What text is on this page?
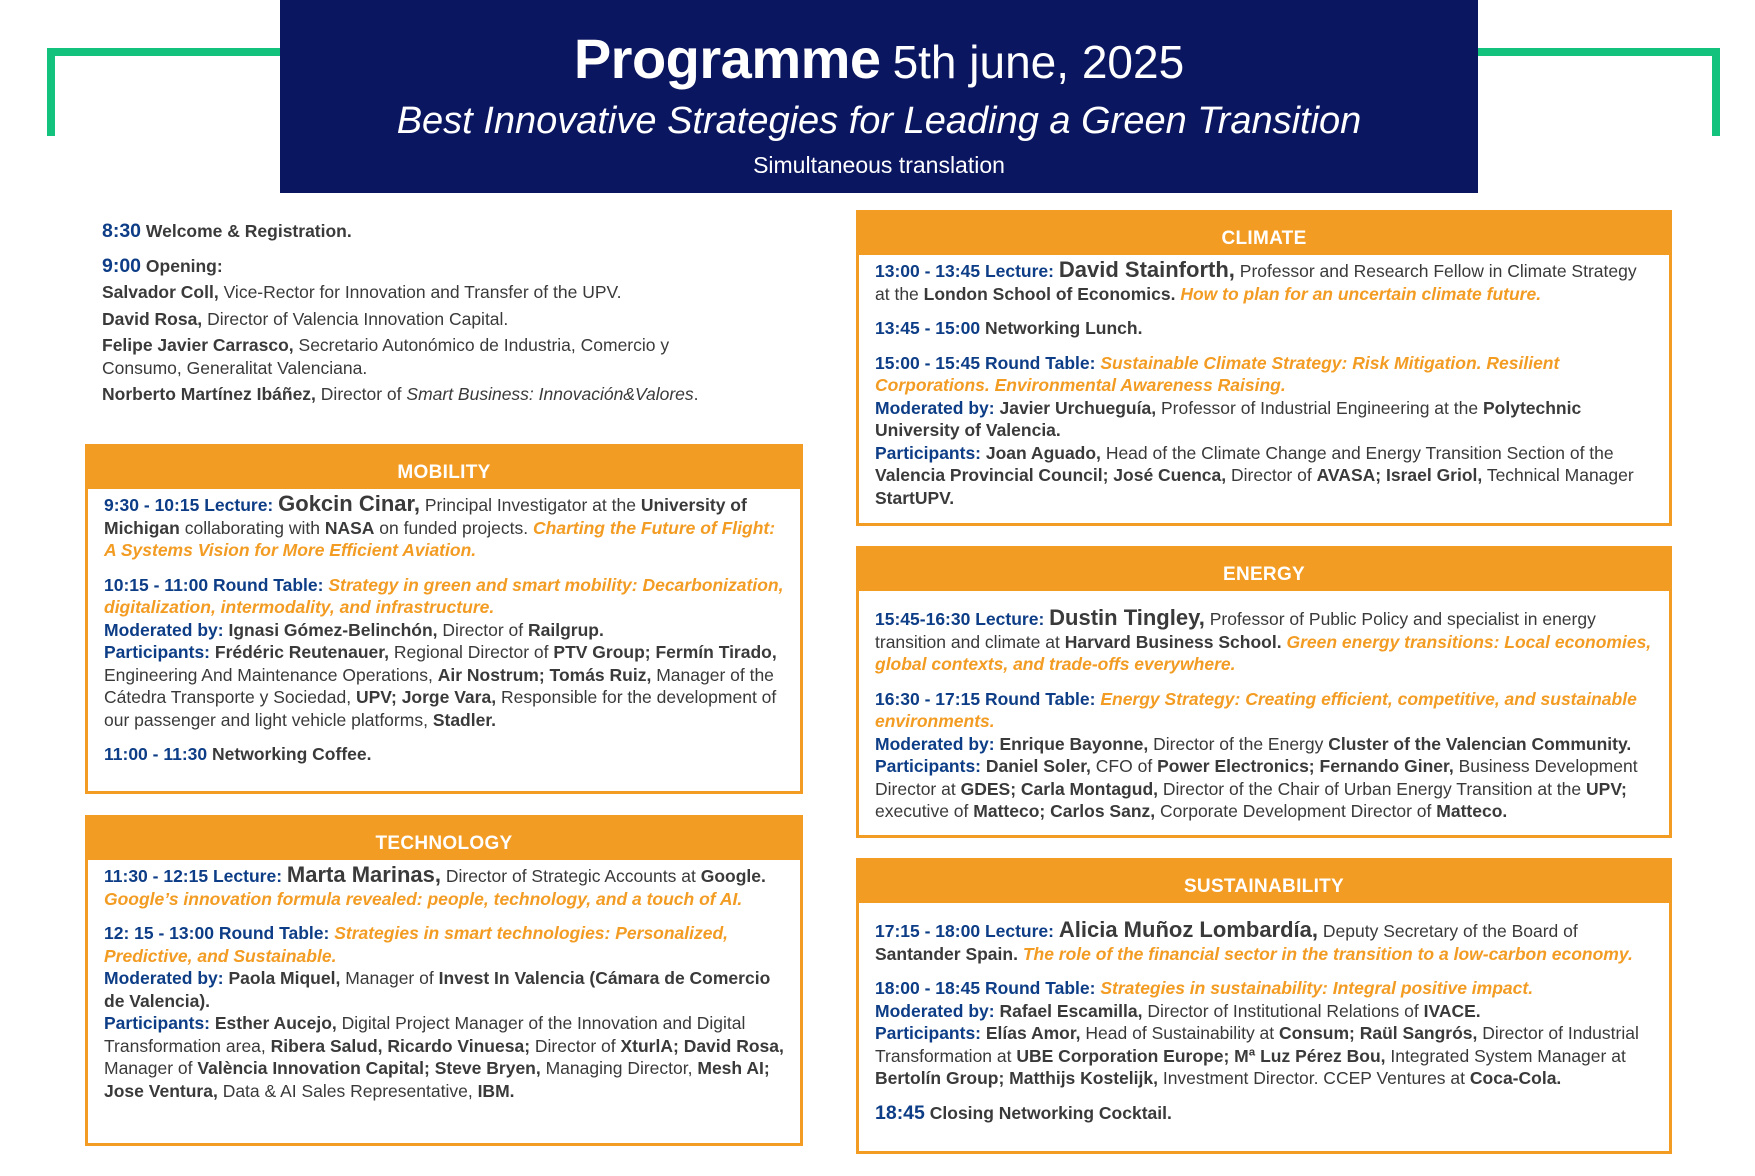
Programme 5th june, 2025
Best Innovative Strategies for Leading a Green Transition
Simultaneous translation

8:30 Welcome & Registration.

9:00 Opening:

Salvador Coll, Vice-Rector for Innovation and Transfer of the UPV.

David Rosa, Director of Valencia Innovation Capital.

Felipe Javier Carrasco, Secretario Autonómico de Industria, Comercio y Consumo, Generalitat Valenciana.

Norberto Martínez Ibáñez, Director of Smart Business: Innovación&Valores.

MOBILITY

9:30 - 10:15 Lecture: Gokcin Cinar, Principal Investigator at the University of Michigan collaborating with NASA on funded projects. Charting the Future of Flight: A Systems Vision for More Efficient Aviation.

10:15 - 11:00 Round Table: Strategy in green and smart mobility: Decarbonization, digitalization, intermodality, and infrastructure.

Moderated by: Ignasi Gómez-Belinchón, Director of Railgrup.

Participants: Frédéric Reutenauer, Regional Director of PTV Group; Fermín Tirado, Engineering And Maintenance Operations, Air Nostrum; Tomás Ruiz, Manager of the Cátedra Transporte y Sociedad, UPV; Jorge Vara, Responsible for the development of our passenger and light vehicle platforms, Stadler.

11:00 - 11:30 Networking Coffee.

TECHNOLOGY

11:30 - 12:15 Lecture: Marta Marinas, Director of Strategic Accounts at Google. Google’s innovation formula revealed: people, technology, and a touch of AI.

12: 15 - 13:00 Round Table: Strategies in smart technologies: Personalized, Predictive, and Sustainable.

Moderated by: Paola Miquel, Manager of Invest In Valencia (Cámara de Comercio de Valencia).

Participants: Esther Aucejo, Digital Project Manager of the Innovation and Digital Transformation area, Ribera Salud, Ricardo Vinuesa; Director of XturlA; David Rosa, Manager of València Innovation Capital; Steve Bryen, Managing Director, Mesh AI; Jose Ventura, Data & AI Sales Representative, IBM.

CLIMATE

13:00 - 13:45 Lecture: David Stainforth, Professor and Research Fellow in Climate Strategy at the London School of Economics. How to plan for an uncertain climate future.

13:45 - 15:00 Networking Lunch.

15:00 - 15:45 Round Table: Sustainable Climate Strategy: Risk Mitigation. Resilient Corporations. Environmental Awareness Raising.

Moderated by: Javier Urchueguía, Professor of Industrial Engineering at the Polytechnic University of Valencia.

Participants: Joan Aguado, Head of the Climate Change and Energy Transition Section of the Valencia Provincial Council; José Cuenca, Director of AVASA; Israel Griol, Technical Manager StartUPV.

ENERGY

15:45-16:30 Lecture: Dustin Tingley, Professor of Public Policy and specialist in energy transition and climate at Harvard Business School. Green energy transitions: Local economies, global contexts, and trade-offs everywhere.

16:30 - 17:15 Round Table: Energy Strategy: Creating efficient, competitive, and sustainable environments.

Moderated by: Enrique Bayonne, Director of the Energy Cluster of the Valencian Community.

Participants: Daniel Soler, CFO of Power Electronics; Fernando Giner, Business Development Director at GDES; Carla Montagud, Director of the Chair of Urban Energy Transition at the UPV; executive of Matteco; Carlos Sanz, Corporate Development Director of Matteco.

SUSTAINABILITY

17:15 - 18:00 Lecture: Alicia Muñoz Lombardía, Deputy Secretary of the Board of Santander Spain. The role of the financial sector in the transition to a low-carbon economy.

18:00 - 18:45 Round Table: Strategies in sustainability: Integral positive impact.

Moderated by: Rafael Escamilla, Director of Institutional Relations of IVACE.

Participants: Elías Amor, Head of Sustainability at Consum; Raül Sangrós, Director of Industrial Transformation at UBE Corporation Europe; Mª Luz Pérez Bou, Integrated System Manager at Bertolín Group; Matthijs Kostelijk, Investment Director. CCEP Ventures at Coca-Cola.

18:45 Closing Networking Cocktail.
